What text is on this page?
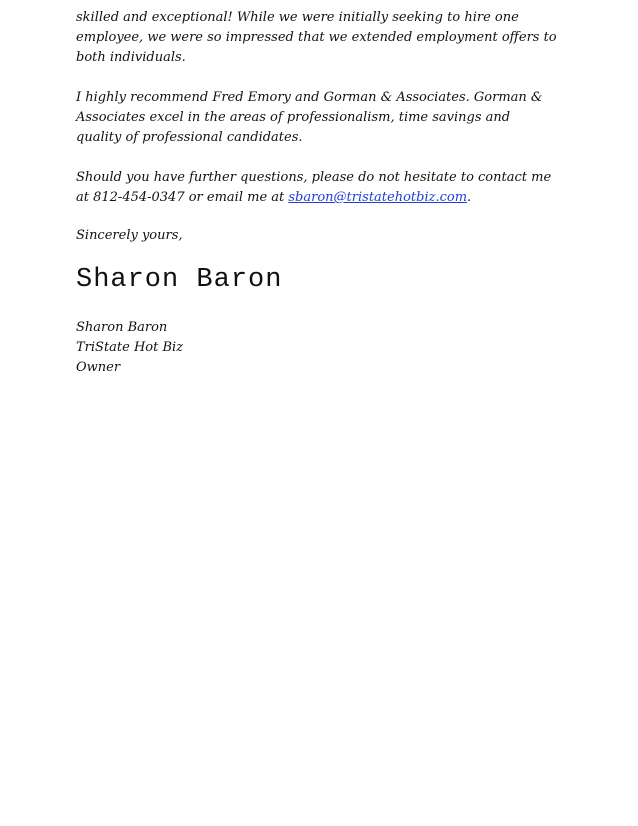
skilled and exceptional! While we were initially seeking to hire one
employee, we were so impressed that we extended employment offers to
both individuals.

I highly recommend Fred Emory and Gorman & Associates. Gorman &
Associates excel in the areas of professionalism, time savings and
quality of professional candidates.

Should you have further questions, please do not hesitate to contact me
at 812-454-0347 or email me at sbaron@tristatehotbiz.com.

Sincerely yours,
Sharon Baron
Sharon Baron
TriState Hot Biz
Owner
